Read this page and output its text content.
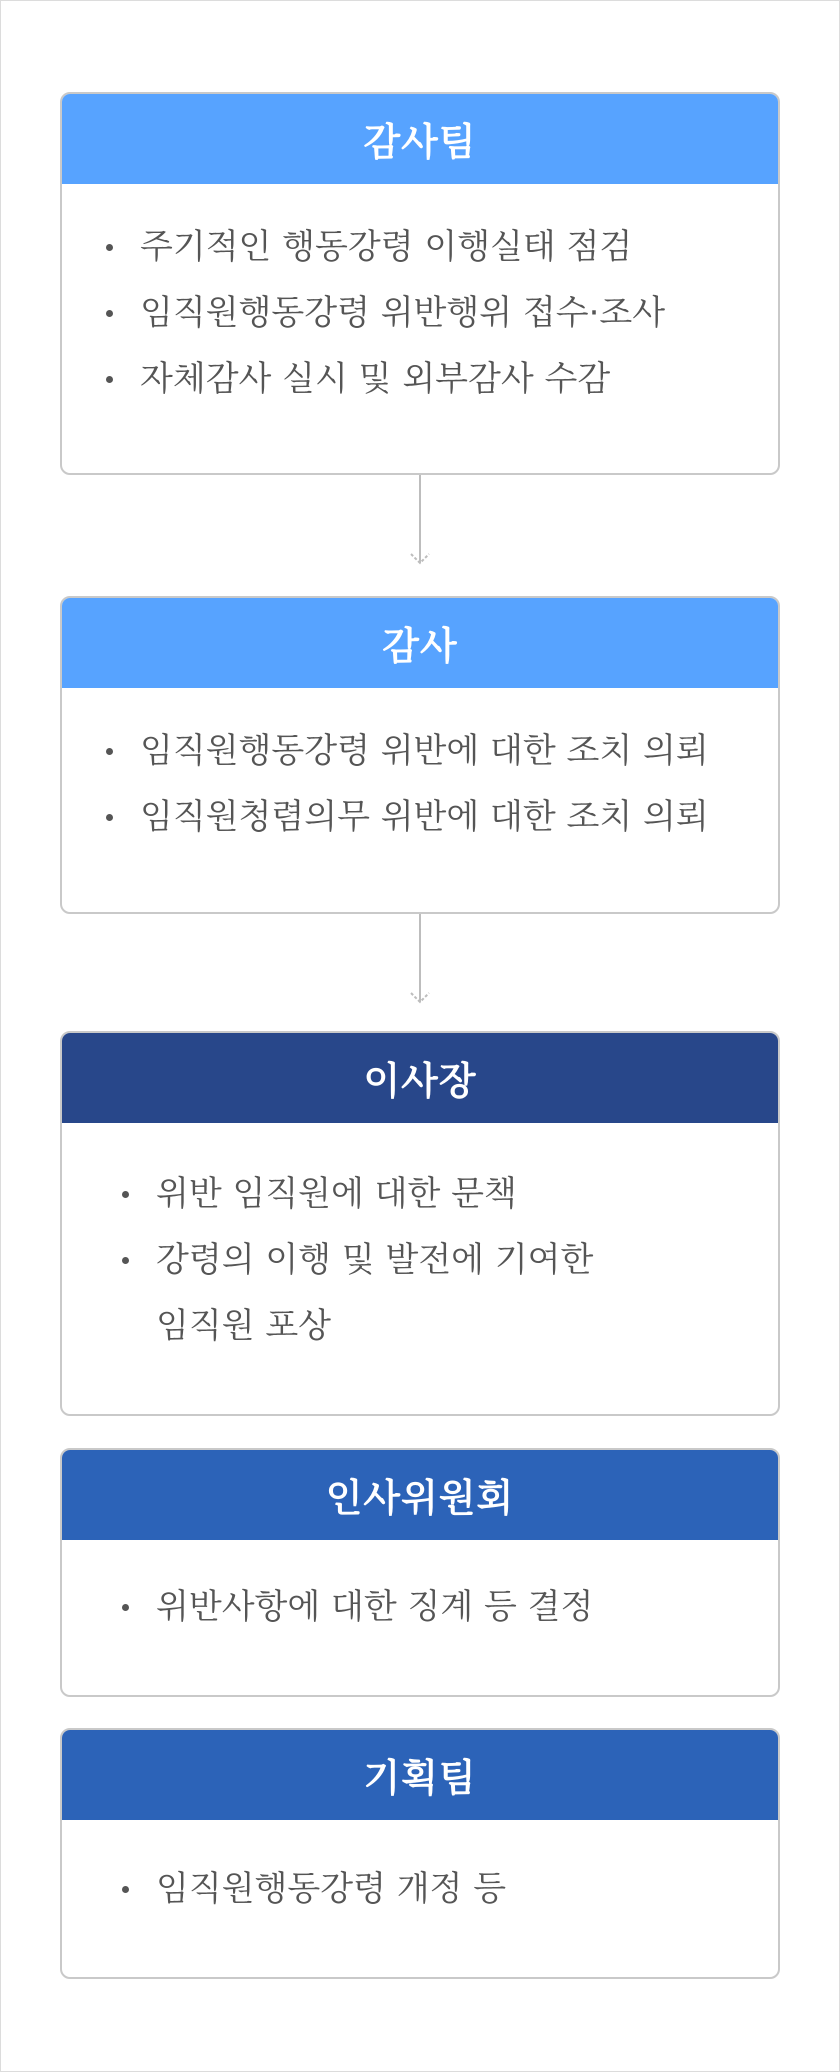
감사팀
주기적인 행동강령 이행실태 점검
임직원행동강령 위반행위 접수·조사
자체감사 실시 및 외부감사 수감
감사
임직원행동강령 위반에 대한 조치 의뢰
임직원청렴의무 위반에 대한 조치 의뢰
이사장
위반 임직원에 대한 문책
강령의 이행 및 발전에 기여한
임직원 포상
인사위원회
위반사항에 대한 징계 등 결정
기획팀
임직원행동강령 개정 등
